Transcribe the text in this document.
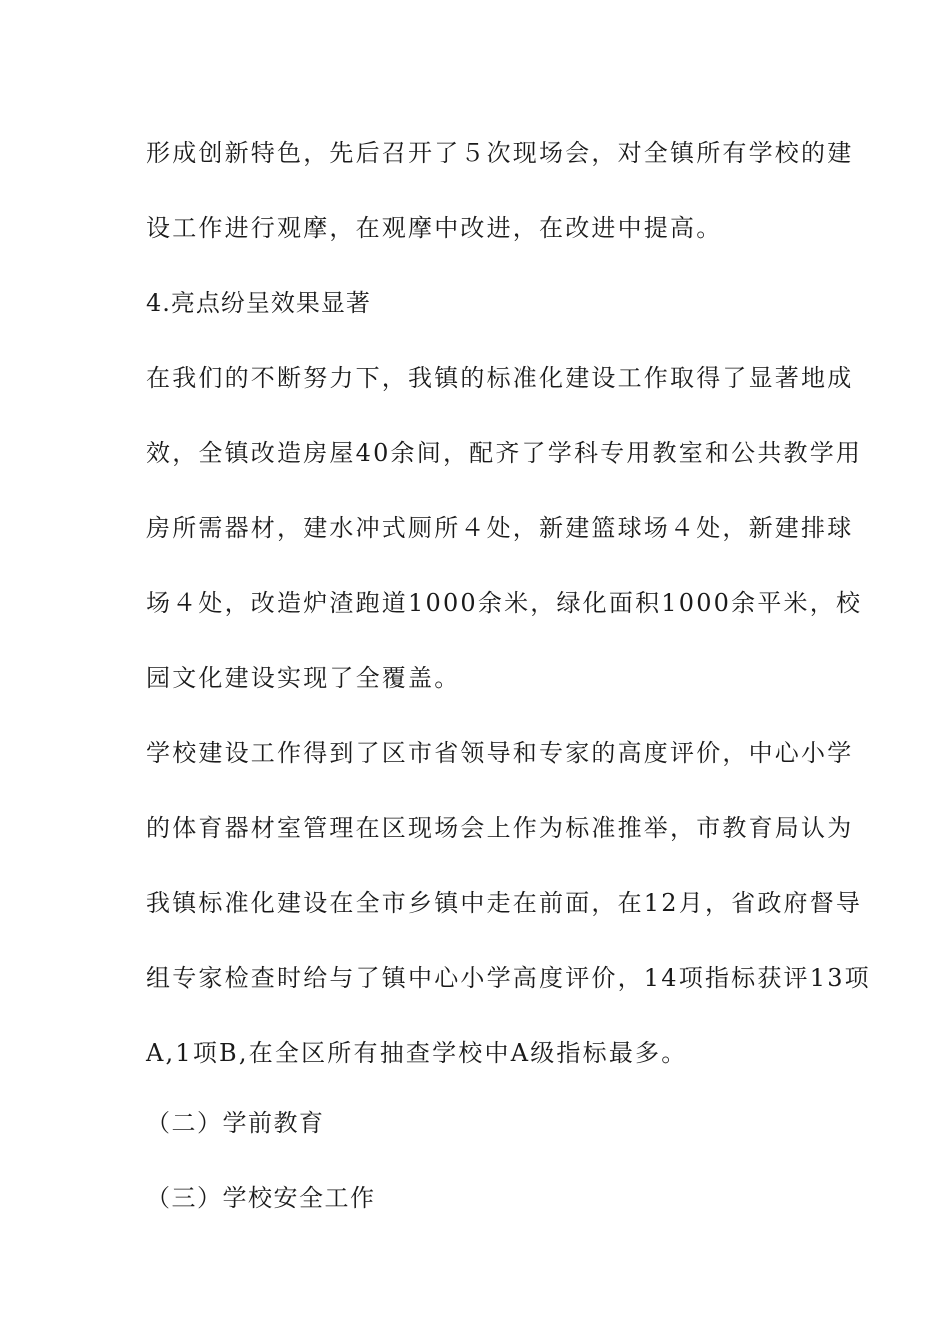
形成创新特色，先后召开了５次现场会，对全镇所有学校的建
设工作进行观摩，在观摩中改进，在改进中提高。
4.亮点纷呈效果显著
在我们的不断努力下，我镇的标准化建设工作取得了显著地成
效，全镇改造房屋40余间，配齐了学科专用教室和公共教学用
房所需器材，建水冲式厕所４处，新建篮球场４处，新建排球
场４处，改造炉渣跑道1000余米，绿化面积1000余平米，校
园文化建设实现了全覆盖。
学校建设工作得到了区市省领导和专家的高度评价，中心小学
的体育器材室管理在区现场会上作为标准推举，市教育局认为
我镇标准化建设在全市乡镇中走在前面，在12月，省政府督导
组专家检查时给与了镇中心小学高度评价，14项指标获评13项
A,1项B,在全区所有抽查学校中A级指标最多。
（二）学前教育
（三）学校安全工作
